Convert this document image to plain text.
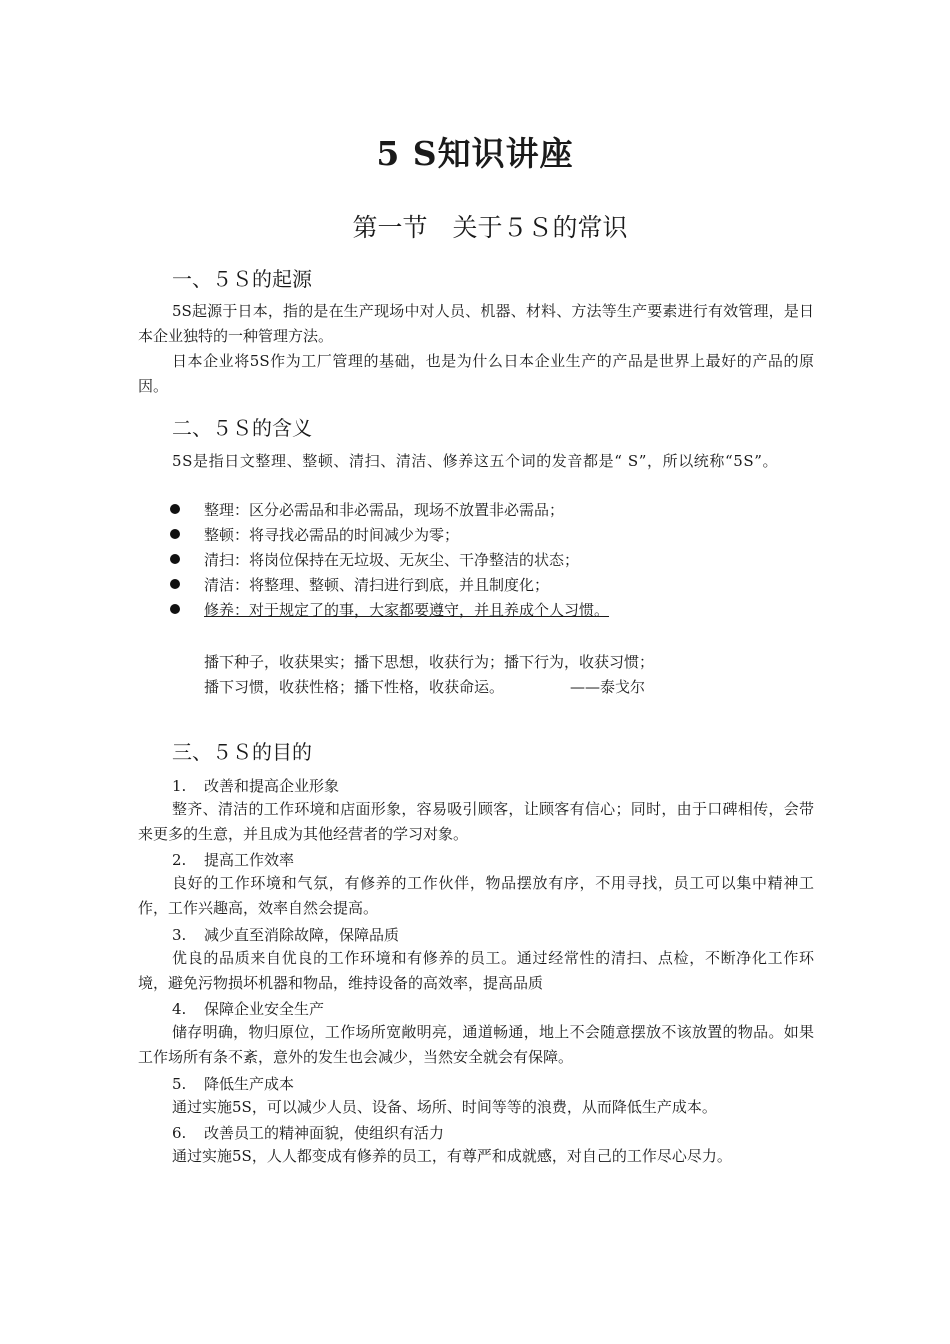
5 S知识讲座
第一节　关于５Ｓ的常识
一、５Ｓ的起源

5S起源于日本，指的是在生产现场中对人员、机器、材料、方法等生产要素进行有效管理，是日本企业独特的一种管理方法。

日本企业将5S作为工厂管理的基础，也是为什么日本企业生产的产品是世界上最好的产品的原因。

二、５Ｓ的含义

5S是指日文整理、整顿、清扫、清洁、修养这五个词的发音都是“ S”，所以统称“5S”。

整理：区分必需品和非必需品，现场不放置非必需品；
整顿：将寻找必需品的时间减少为零；
清扫：将岗位保持在无垃圾、无灰尘、干净整洁的状态；
清洁：将整理、整顿、清扫进行到底，并且制度化；
修养：对于规定了的事，大家都要遵守，并且养成个人习惯。
播下种子，收获果实；播下思想，收获行为；播下行为，收获习惯；
播下习惯，收获性格；播下性格，收获命运。	——泰戈尔
三、５Ｓ的目的
1. 改善和提高企业形象

整齐、清洁的工作环境和店面形象，容易吸引顾客，让顾客有信心；同时，由于口碑相传，会带来更多的生意，并且成为其他经营者的学习对象。

2. 提高工作效率

良好的工作环境和气氛，有修养的工作伙伴，物品摆放有序，不用寻找，员工可以集中精神工作，工作兴趣高，效率自然会提高。

3. 减少直至消除故障，保障品质

优良的品质来自优良的工作环境和有修养的员工。通过经常性的清扫、点检，不断净化工作环境，避免污物损坏机器和物品，维持设备的高效率，提高品质

4. 保障企业安全生产

储存明确，物归原位，工作场所宽敞明亮，通道畅通，地上不会随意摆放不该放置的物品。如果工作场所有条不紊，意外的发生也会减少，当然安全就会有保障。

5. 降低生产成本

通过实施5S，可以减少人员、设备、场所、时间等等的浪费，从而降低生产成本。

6. 改善员工的精神面貌，使组织有活力

通过实施5S，人人都变成有修养的员工，有尊严和成就感，对自己的工作尽心尽力。
